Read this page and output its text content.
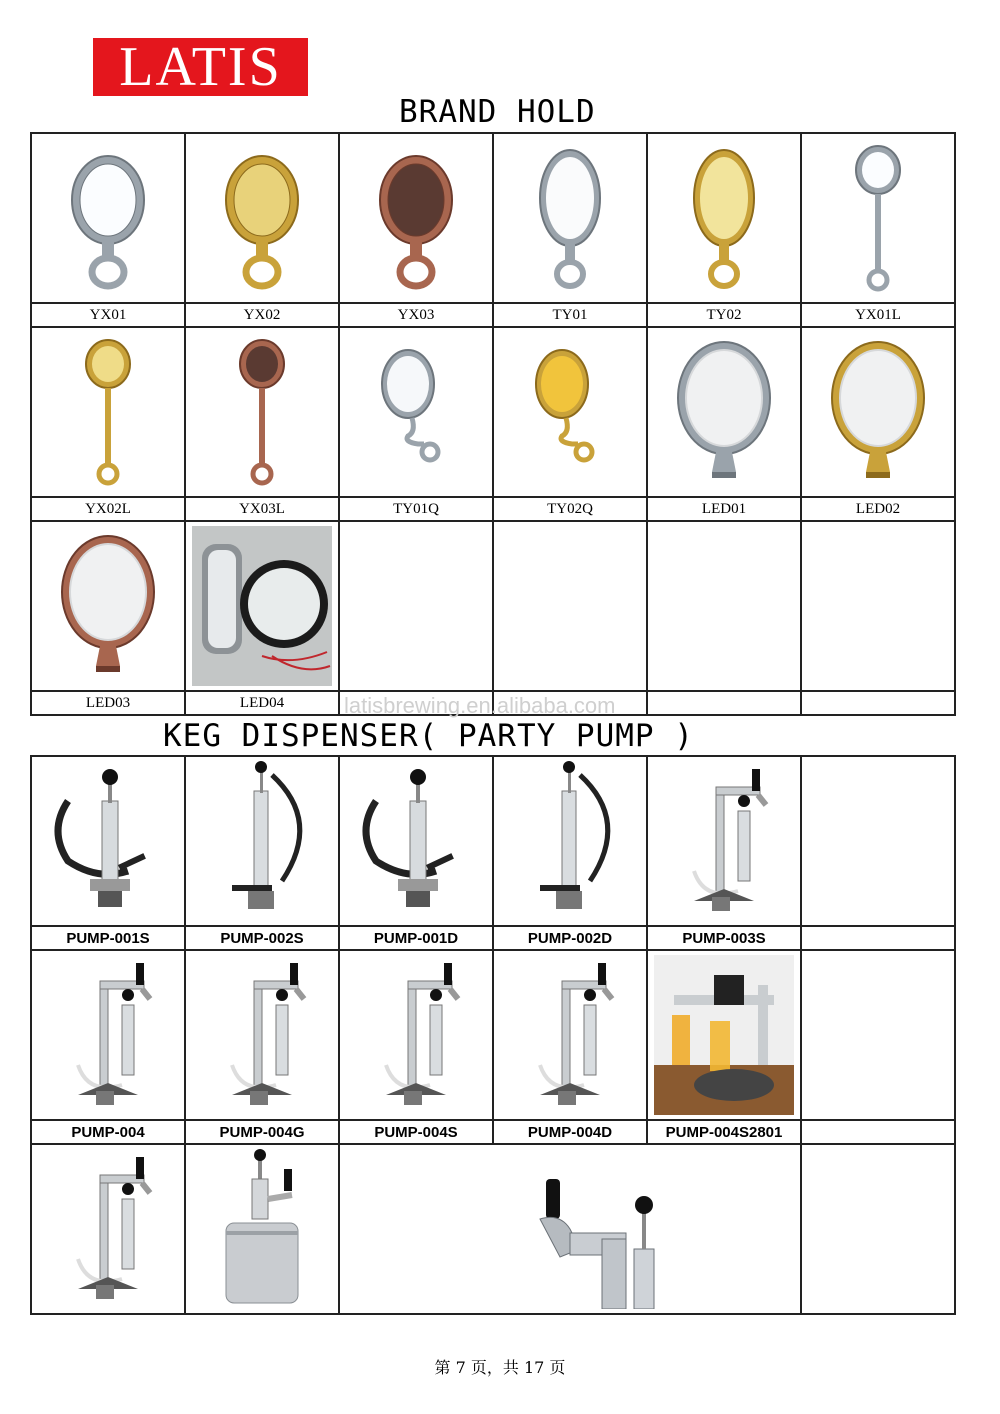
LATIS
BRAND HOLD
YX01	YX02	YX03	TY01	TY02	YX01L
YX02L	YX03L	TY01Q	TY02Q	LED01	LED02
LED03	LED04	latisbrewing.en.alibaba.com
KEG DISPENSER( PARTY PUMP )
PUMP-001S	PUMP-002S	PUMP-001D	PUMP-002D	PUMP-003S
PUMP-004	PUMP-004G	PUMP-004S	PUMP-004D	PUMP-004S2801
第 7 页，共 17 页
